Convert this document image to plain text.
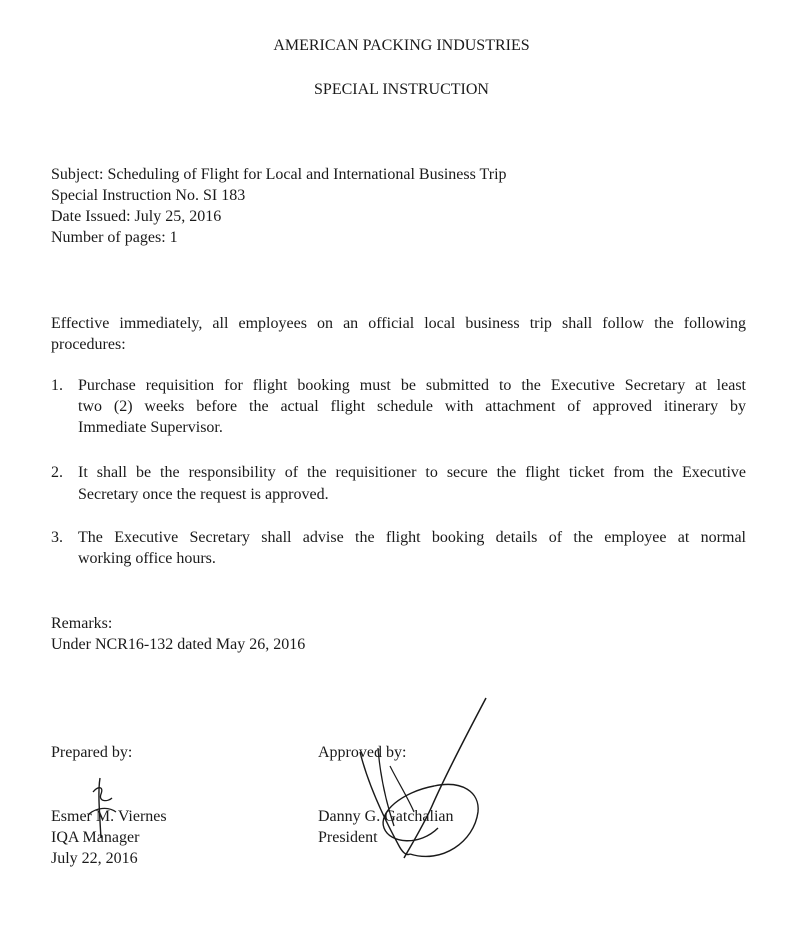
AMERICAN PACKING INDUSTRIES
SPECIAL INSTRUCTION
Subject: Scheduling of Flight for Local and International Business Trip
Special Instruction No. SI 183
Date Issued: July 25, 2016
Number of pages: 1
Effective immediately, all employees on an official local business trip shall follow the following
procedures:
1. Purchase requisition for flight booking must be submitted to the Executive Secretary at least
two (2) weeks before the actual flight schedule with attachment of approved itinerary by
Immediate Supervisor.
2. It shall be the responsibility of the requisitioner to secure the flight ticket from the Executive
Secretary once the request is approved.
3. The Executive Secretary shall advise the flight booking details of the employee at normal
working office hours.
Remarks:
Under NCR16-132 dated May 26, 2016
Prepared by:
Esmer M. Viernes
IQA Manager
July 22, 2016
Approved by:
Danny G. Gatchalian
President
